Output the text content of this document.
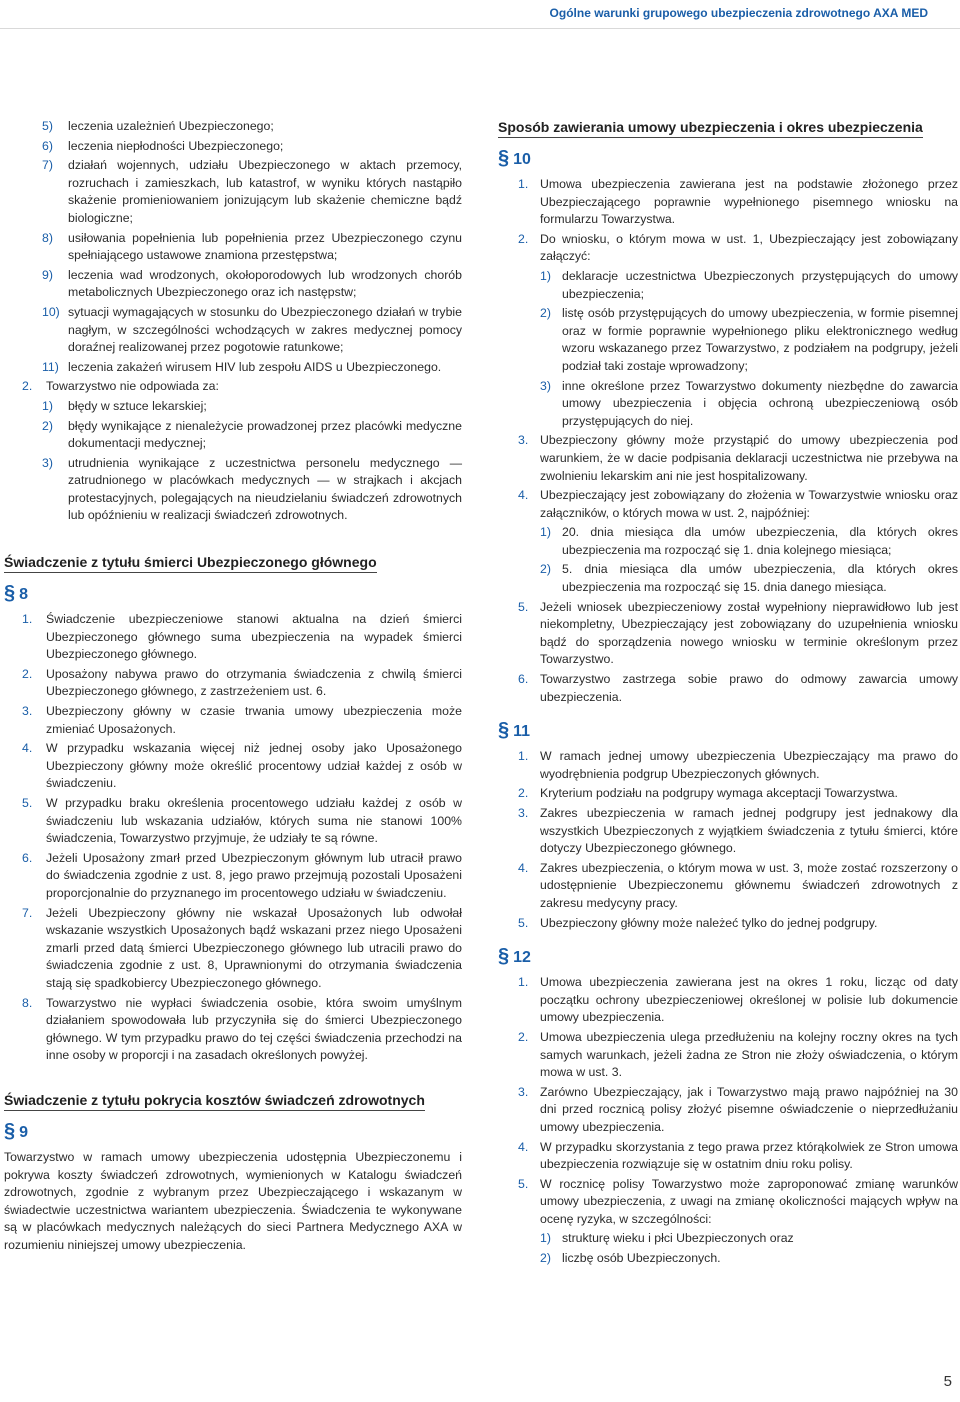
Ogólne warunki grupowego ubezpieczenia zdrowotnego AXA MED
5) leczenia uzależnień Ubezpieczonego;
6) leczenia niepłodności Ubezpieczonego;
7) działań wojennych, udziału Ubezpieczonego w aktach przemocy, rozruchach i zamieszkach, lub katastrof, w wyniku których nastąpiło skażenie promieniowaniem jonizującym lub skażenie chemiczne bądź biologiczne;
8) usiłowania popełnienia lub popełnienia przez Ubezpieczonego czynu spełniającego ustawowe znamiona przestępstwa;
9) leczenia wad wrodzonych, okołoporodowych lub wrodzonych chorób metabolicznych Ubezpieczonego oraz ich następstw;
10) sytuacji wymagających w stosunku do Ubezpieczonego działań w trybie nagłym, w szczególności wchodzących w zakres medycznej pomocy doraźnej realizowanej przez pogotowie ratunkowe;
11) leczenia zakażeń wirusem HIV lub zespołu AIDS u Ubezpieczonego.
2. Towarzystwo nie odpowiada za:
1) błędy w sztuce lekarskiej;
2) błędy wynikające z nienależycie prowadzonej przez placówki medyczne dokumentacji medycznej;
3) utrudnienia wynikające z uczestnictwa personelu medycznego — zatrudnionego w placówkach medycznych — w strajkach i akcjach protestacyjnych, polegających na nieudzielaniu świadczeń zdrowotnych lub opóźnieniu w realizacji świadczeń zdrowotnych.
Świadczenie z tytułu śmierci Ubezpieczonego głównego
§ 8
1. Świadczenie ubezpieczeniowe stanowi aktualna na dzień śmierci Ubezpieczonego głównego suma ubezpieczenia na wypadek śmierci Ubezpieczonego głównego.
2. Uposażony nabywa prawo do otrzymania świadczenia z chwilą śmierci Ubezpieczonego głównego, z zastrzeżeniem ust. 6.
3. Ubezpieczony główny w czasie trwania umowy ubezpieczenia może zmieniać Uposażonych.
4. W przypadku wskazania więcej niż jednej osoby jako Uposażonego Ubezpieczony główny może określić procentowy udział każdej z osób w świadczeniu.
5. W przypadku braku określenia procentowego udziału każdej z osób w świadczeniu lub wskazania udziałów, których suma nie stanowi 100% świadczenia, Towarzystwo przyjmuje, że udziały te są równe.
6. Jeżeli Uposażony zmarł przed Ubezpieczonym głównym lub utracił prawo do świadczenia zgodnie z ust. 8, jego prawo przejmują pozostali Uposażeni proporcjonalnie do przyznanego im procentowego udziału w świadczeniu.
7. Jeżeli Ubezpieczony główny nie wskazał Uposażonych lub odwołał wskazanie wszystkich Uposażonych bądź wskazani przez niego Uposażeni zmarli przed datą śmierci Ubezpieczonego głównego lub utracili prawo do świadczenia zgodnie z ust. 8, Uprawnionymi do otrzymania świadczenia stają się spadkobiercy Ubezpieczonego głównego.
8. Towarzystwo nie wypłaci świadczenia osobie, która swoim umyślnym działaniem spowodowała lub przyczyniła się do śmierci Ubezpieczonego głównego. W tym przypadku prawo do tej części świadczenia przechodzi na inne osoby w proporcji i na zasadach określonych powyżej.
Świadczenie z tytułu pokrycia kosztów świadczeń zdrowotnych
§ 9
Towarzystwo w ramach umowy ubezpieczenia udostępnia Ubezpieczonemu i pokrywa koszty świadczeń zdrowotnych, wymienionych w Katalogu świadczeń zdrowotnych, zgodnie z wybranym przez Ubezpieczającego i wskazanym w świadectwie uczestnictwa wariantem ubezpieczenia. Świadczenia te wykonywane są w placówkach medycznych należących do sieci Partnera Medycznego AXA w rozumieniu niniejszej umowy ubezpieczenia.
Sposób zawierania umowy ubezpieczenia i okres ubezpieczenia
§ 10
1. Umowa ubezpieczenia zawierana jest na podstawie złożonego przez Ubezpieczającego poprawnie wypełnionego pisemnego wniosku na formularzu Towarzystwa.
2. Do wniosku, o którym mowa w ust. 1, Ubezpieczający jest zobowiązany załączyć:
1) deklaracje uczestnictwa Ubezpieczonych przystępujących do umowy ubezpieczenia;
2) listę osób przystępujących do umowy ubezpieczenia, w formie pisemnej oraz w formie poprawnie wypełnionego pliku elektronicznego według wzoru wskazanego przez Towarzystwo, z podziałem na podgrupy, jeżeli podział taki zostaje wprowadzony;
3) inne określone przez Towarzystwo dokumenty niezbędne do zawarcia umowy ubezpieczenia i objęcia ochroną ubezpieczeniową osób przystępujących do niej.
3. Ubezpieczony główny może przystąpić do umowy ubezpieczenia pod warunkiem, że w dacie podpisania deklaracji uczestnictwa nie przebywa na zwolnieniu lekarskim ani nie jest hospitalizowany.
4. Ubezpieczający jest zobowiązany do złożenia w Towarzystwie wniosku oraz załączników, o których mowa w ust. 2, najpóźniej:
1) 20. dnia miesiąca dla umów ubezpieczenia, dla których okres ubezpieczenia ma rozpocząć się 1. dnia kolejnego miesiąca;
2) 5. dnia miesiąca dla umów ubezpieczenia, dla których okres ubezpieczenia ma rozpocząć się 15. dnia danego miesiąca.
5. Jeżeli wniosek ubezpieczeniowy został wypełniony nieprawidłowo lub jest niekompletny, Ubezpieczający jest zobowiązany do uzupełnienia wniosku bądź do sporządzenia nowego wniosku w terminie określonym przez Towarzystwo.
6. Towarzystwo zastrzega sobie prawo do odmowy zawarcia umowy ubezpieczenia.
§ 11
1. W ramach jednej umowy ubezpieczenia Ubezpieczający ma prawo do wyodrębnienia podgrup Ubezpieczonych głównych.
2. Kryterium podziału na podgrupy wymaga akceptacji Towarzystwa.
3. Zakres ubezpieczenia w ramach jednej podgrupy jest jednakowy dla wszystkich Ubezpieczonych z wyjątkiem świadczenia z tytułu śmierci, które dotyczy Ubezpieczonego głównego.
4. Zakres ubezpieczenia, o którym mowa w ust. 3, może zostać rozszerzony o udostępnienie Ubezpieczonemu głównemu świadczeń zdrowotnych z zakresu medycyny pracy.
5. Ubezpieczony główny może należeć tylko do jednej podgrupy.
§ 12
1. Umowa ubezpieczenia zawierana jest na okres 1 roku, licząc od daty początku ochrony ubezpieczeniowej określonej w polisie lub dokumencie umowy ubezpieczenia.
2. Umowa ubezpieczenia ulega przedłużeniu na kolejny roczny okres na tych samych warunkach, jeżeli żadna ze Stron nie złoży oświadczenia, o którym mowa w ust. 3.
3. Zarówno Ubezpieczający, jak i Towarzystwo mają prawo najpóźniej na 30 dni przed rocznicą polisy złożyć pisemne oświadczenie o nieprzedłużaniu umowy ubezpieczenia.
4. W przypadku skorzystania z tego prawa przez którąkolwiek ze Stron umowa ubezpieczenia rozwiązuje się w ostatnim dniu roku polisy.
5. W rocznicę polisy Towarzystwo może zaproponować zmianę warunków umowy ubezpieczenia, z uwagi na zmianę okoliczności mających wpływ na ocenę ryzyka, w szczególności:
1) strukturę wieku i płci Ubezpieczonych oraz
2) liczbę osób Ubezpieczonych.
5
